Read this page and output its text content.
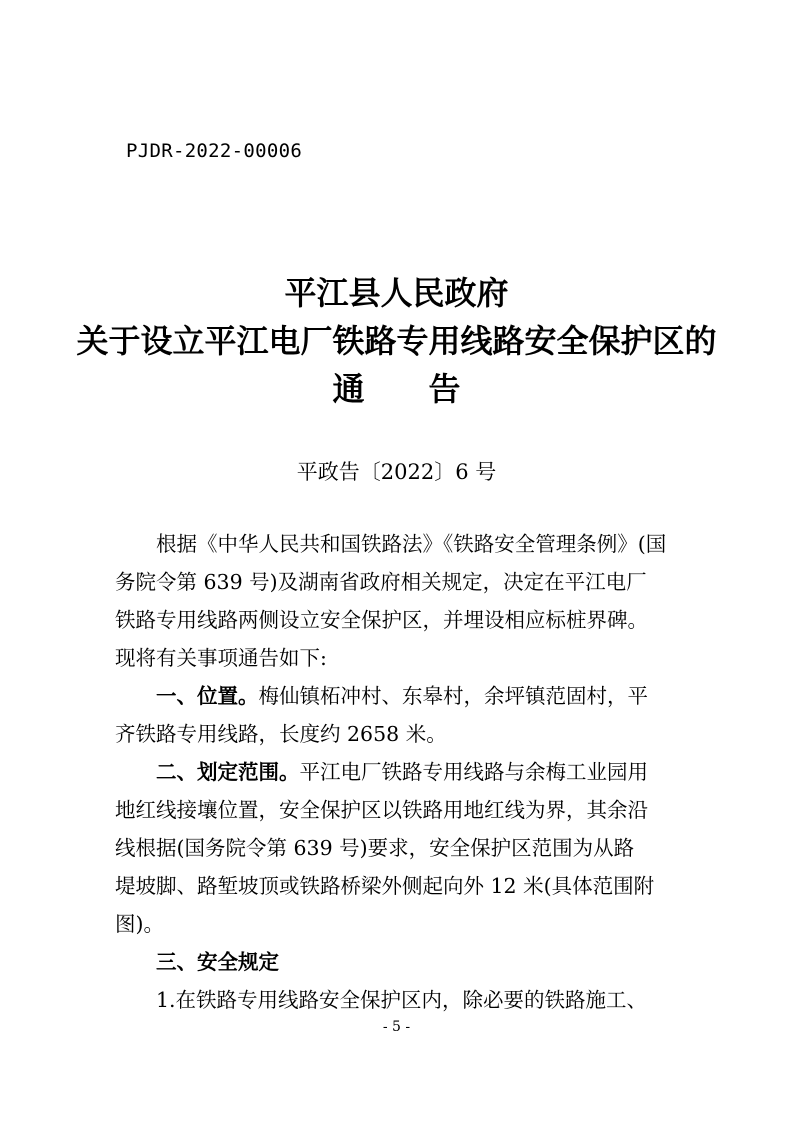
PJDR-2022-00006
平江县人民政府
关于设立平江电厂铁路专用线路安全保护区的
通 告
平政告〔2022〕6 号
根据《中华人民共和国铁路法》《铁路安全管理条例》(国
务院令第 639 号)及湖南省政府相关规定，决定在平江电厂
铁路专用线路两侧设立安全保护区，并埋设相应标桩界碑。
现将有关事项通告如下:
一、位置。梅仙镇柘冲村、东皋村，余坪镇范固村，平
齐铁路专用线路，长度约 2658 米。
二、划定范围。平江电厂铁路专用线路与余梅工业园用
地红线接壤位置，安全保护区以铁路用地红线为界，其余沿
线根据(国务院令第 639 号)要求，安全保护区范围为从路
堤坡脚、路堑坡顶或铁路桥梁外侧起向外 12 米(具体范围附
图)。
三、安全规定
1.在铁路专用线路安全保护区内，除必要的铁路施工、
- 5 -
